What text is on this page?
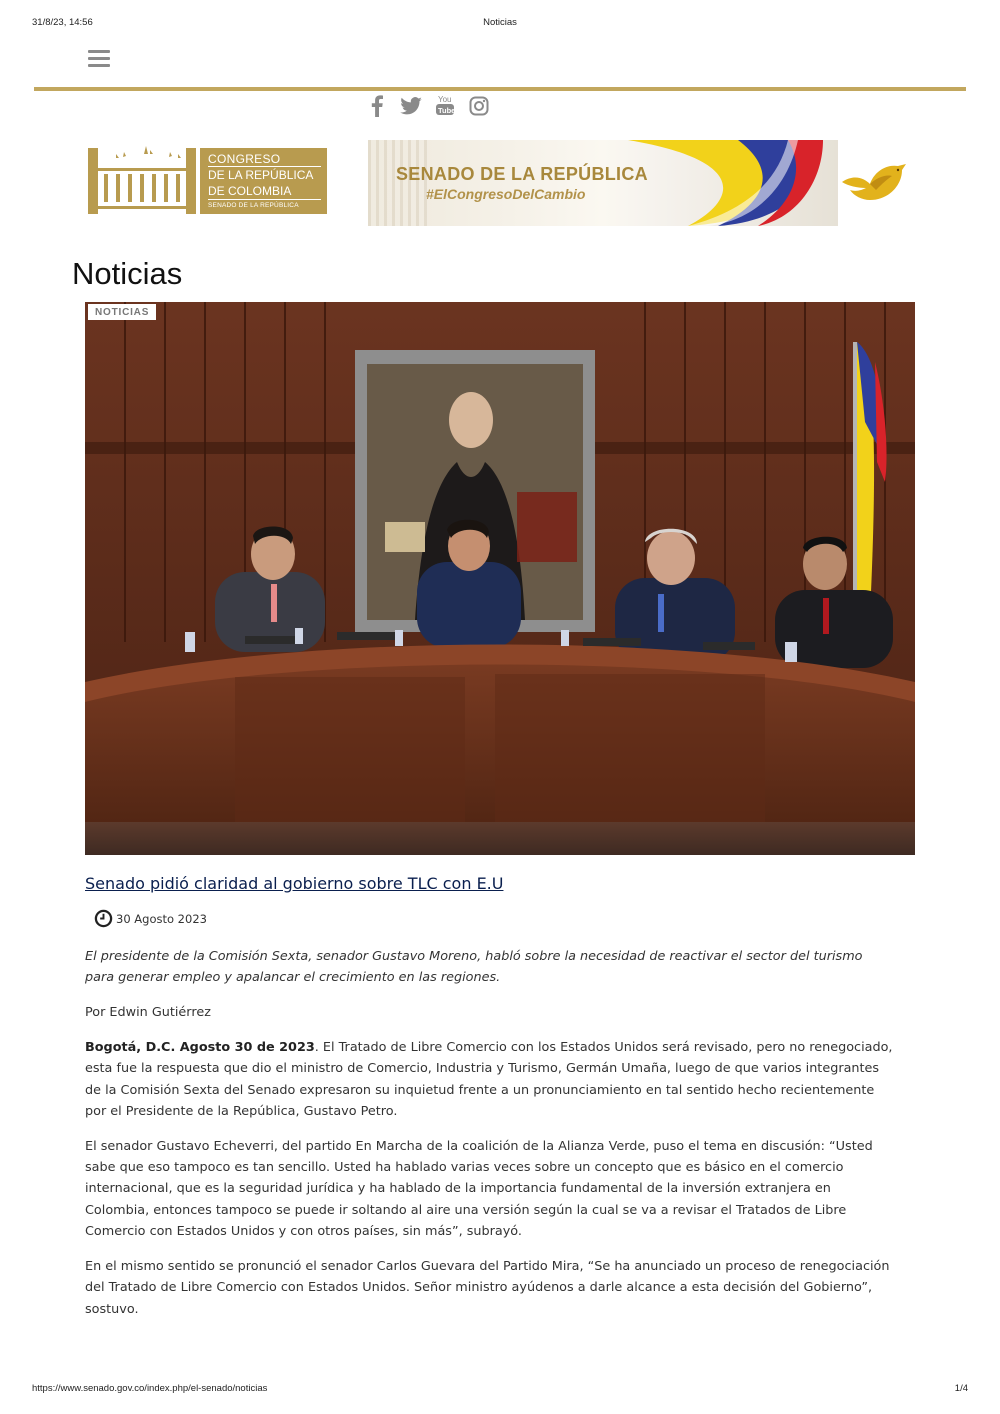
31/8/23, 14:56	Noticias
You
Tube
CONGRESO
DE LA REPÚBLICA
DE COLOMBIA
SENADO DE LA REPÚBLICA
SENADO DE LA REPÚBLICA
#ElCongresoDelCambio
Noticias
NOTICIAS
Senado pidió claridad al gobierno sobre TLC con E.U
30 Agosto 2023

El presidente de la Comisión Sexta, senador Gustavo Moreno, habló sobre la necesidad de reactivar el sector del turismo para generar empleo y apalancar el crecimiento en las regiones.

Por Edwin Gutiérrez

Bogotá, D.C. Agosto 30 de 2023. El Tratado de Libre Comercio con los Estados Unidos será revisado, pero no renegociado, esta fue la respuesta que dio el ministro de Comercio, Industria y Turismo, Germán Umaña, luego de que varios integrantes de la Comisión Sexta del Senado expresaron su inquietud frente a un pronunciamiento en tal sentido hecho recientemente por el Presidente de la República, Gustavo Petro.

El senador Gustavo Echeverri, del partido En Marcha de la coalición de la Alianza Verde, puso el tema en discusión: “Usted sabe que eso tampoco es tan sencillo. Usted ha hablado varias veces sobre un concepto que es básico en el comercio internacional, que es la seguridad jurídica y ha hablado de la importancia fundamental de la inversión extranjera en Colombia, entonces tampoco se puede ir soltando al aire una versión según la cual se va a revisar el Tratados de Libre Comercio con Estados Unidos y con otros países, sin más”, subrayó.

En el mismo sentido se pronunció el senador Carlos Guevara del Partido Mira, “Se ha anunciado un proceso de renegociación del Tratado de Libre Comercio con Estados Unidos. Señor ministro ayúdenos a darle alcance a esta decisión del Gobierno”, sostuvo.

https://www.senado.gov.co/index.php/el-senado/noticias	1/4
